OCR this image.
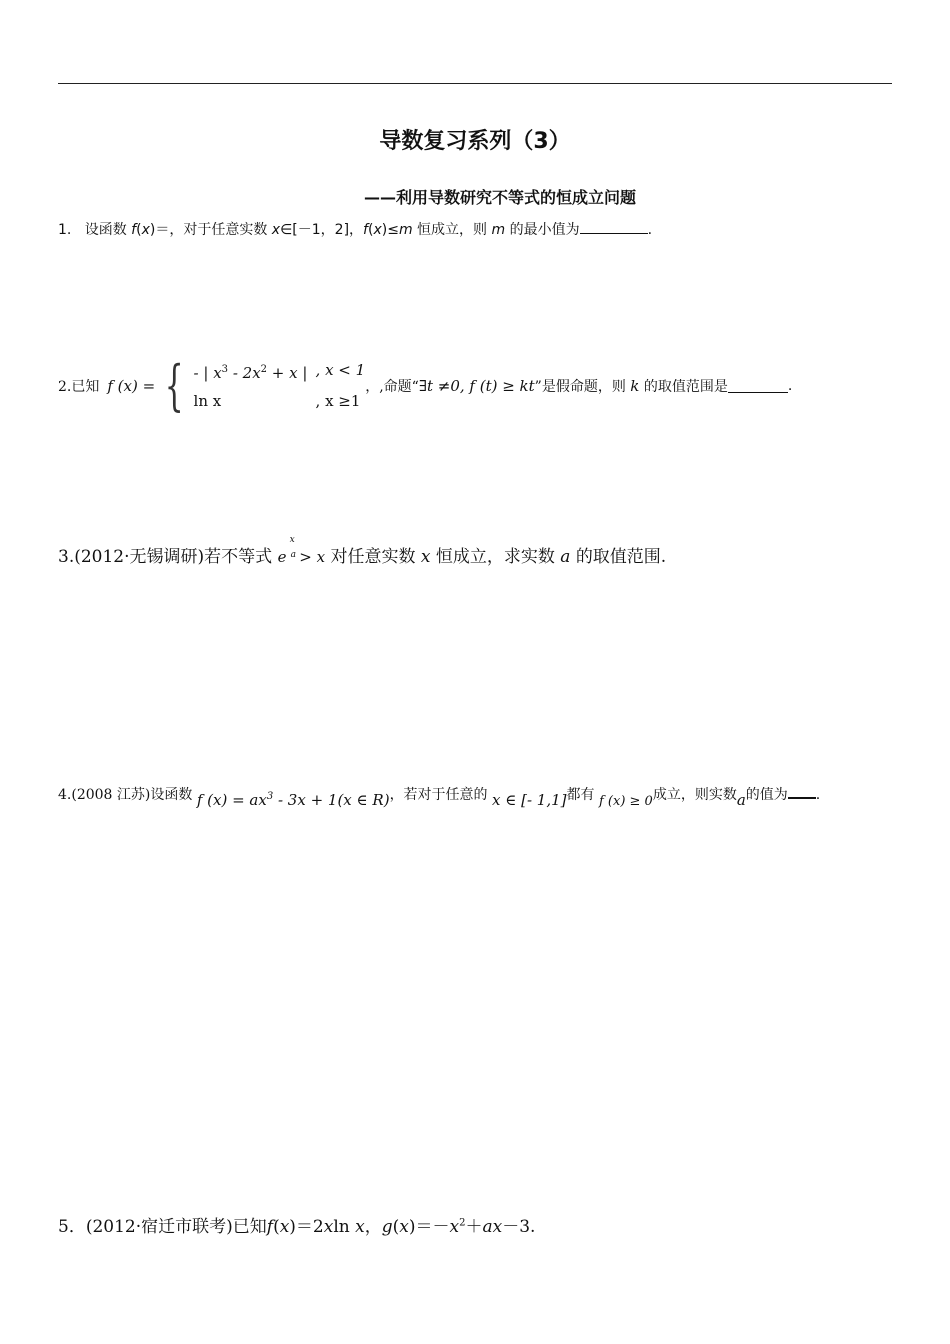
导数复习系列（3）
——利用导数研究不等式的恒成立问题
1. 设函数 f(x)＝，对于任意实数 x∈[－1，2]，f(x)≤m 恒成立，则 m 的最小值为	.
2.已知 f (x) = { - | $x^3 - 2x^2 + x$ | , x < 1
ln x	, x ≥1
，,命题“ ∃t ≠0, f (t) ≥ kt ”是假命题，则
k
的取值范围是	.
3.(2012·无锡调研)若不等式 e
x
a > x 对任意实数 x 恒成立，求实数 a 的取值范围.
4.(2008 江苏)设函数 f $(x) = ax^3 - 3x + 1(x$ ∈ R)，若对于任意的 x ∈ [- 1,1]都有 f (x) ≥ 0成立，则实数a的值为 .
5．(2012·宿迁市联考)已知f(x)＝2xln x，$g(x)=-x^2+ax-3$.
